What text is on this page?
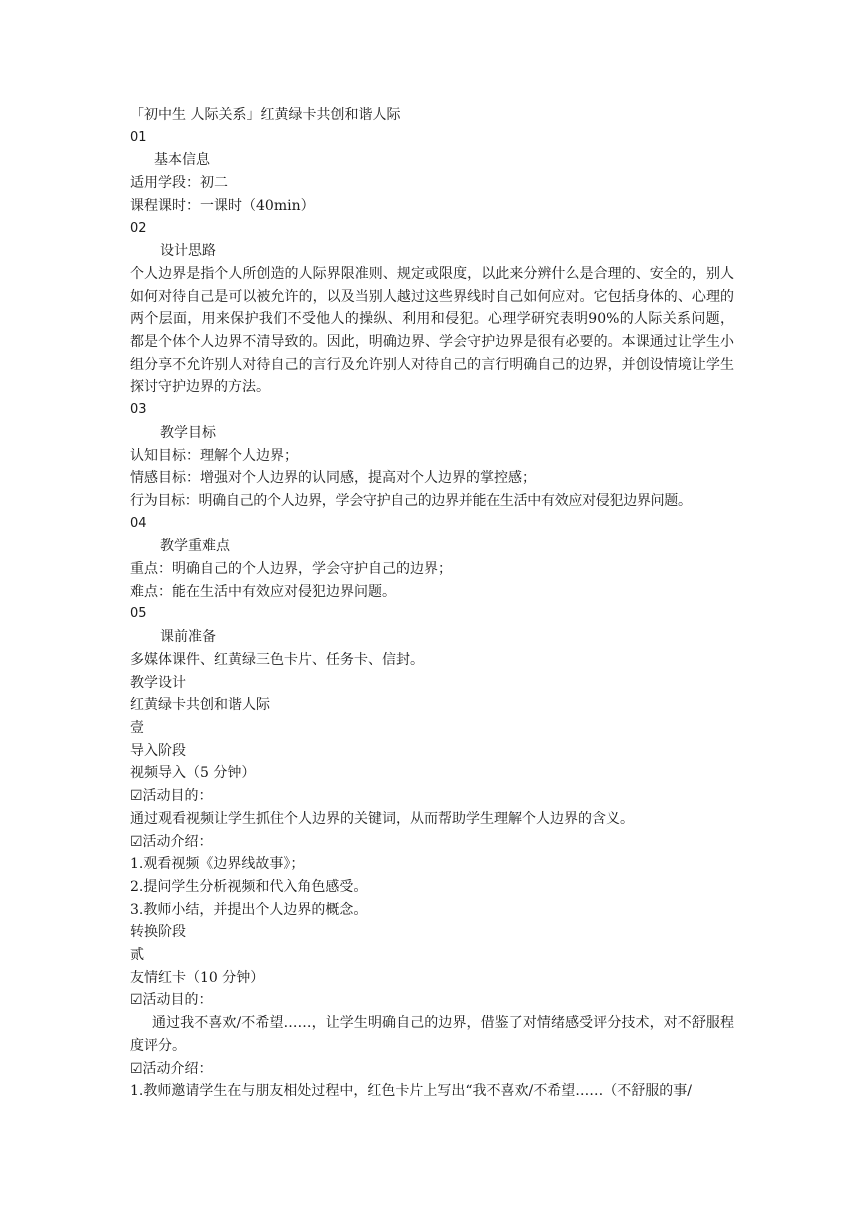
「初中生 人际关系」红黄绿卡共创和谐人际
01
基本信息
适用学段：初二
课程课时：一课时（40min）
02
设计思路
个人边界是指个人所创造的人际界限准则、规定或限度，以此来分辨什么是合理的、安全的，别人如何对待自己是可以被允许的，以及当别人越过这些界线时自己如何应对。它包括身体的、心理的两个层面，用来保护我们不受他人的操纵、利用和侵犯。心理学研究表明90%的人际关系问题，都是个体个人边界不清导致的。因此，明确边界、学会守护边界是很有必要的。本课通过让学生小组分享不允许别人对待自己的言行及允许别人对待自己的言行明确自己的边界，并创设情境让学生探讨守护边界的方法。
03
教学目标
认知目标：理解个人边界；
情感目标：增强对个人边界的认同感，提高对个人边界的掌控感；
行为目标：明确自己的个人边界，学会守护自己的边界并能在生活中有效应对侵犯边界问题。
04
教学重难点
重点：明确自己的个人边界，学会守护自己的边界；
难点：能在生活中有效应对侵犯边界问题。
05
课前准备
多媒体课件、红黄绿三色卡片、任务卡、信封。
教学设计
红黄绿卡共创和谐人际
壹
导入阶段
视频导入（5 分钟）
☑活动目的：
通过观看视频让学生抓住个人边界的关键词，从而帮助学生理解个人边界的含义。
☑活动介绍：
1.观看视频《边界线故事》；
2.提问学生分析视频和代入角色感受。
3.教师小结，并提出个人边界的概念。
转换阶段
贰
友情红卡（10 分钟）
☑活动目的：
通过我不喜欢/不希望……，让学生明确自己的边界，借鉴了对情绪感受评分技术，对不舒服程度评分。
☑活动介绍：
1.教师邀请学生在与朋友相处过程中，红色卡片上写出“我不喜欢/不希望……（不舒服的事/
